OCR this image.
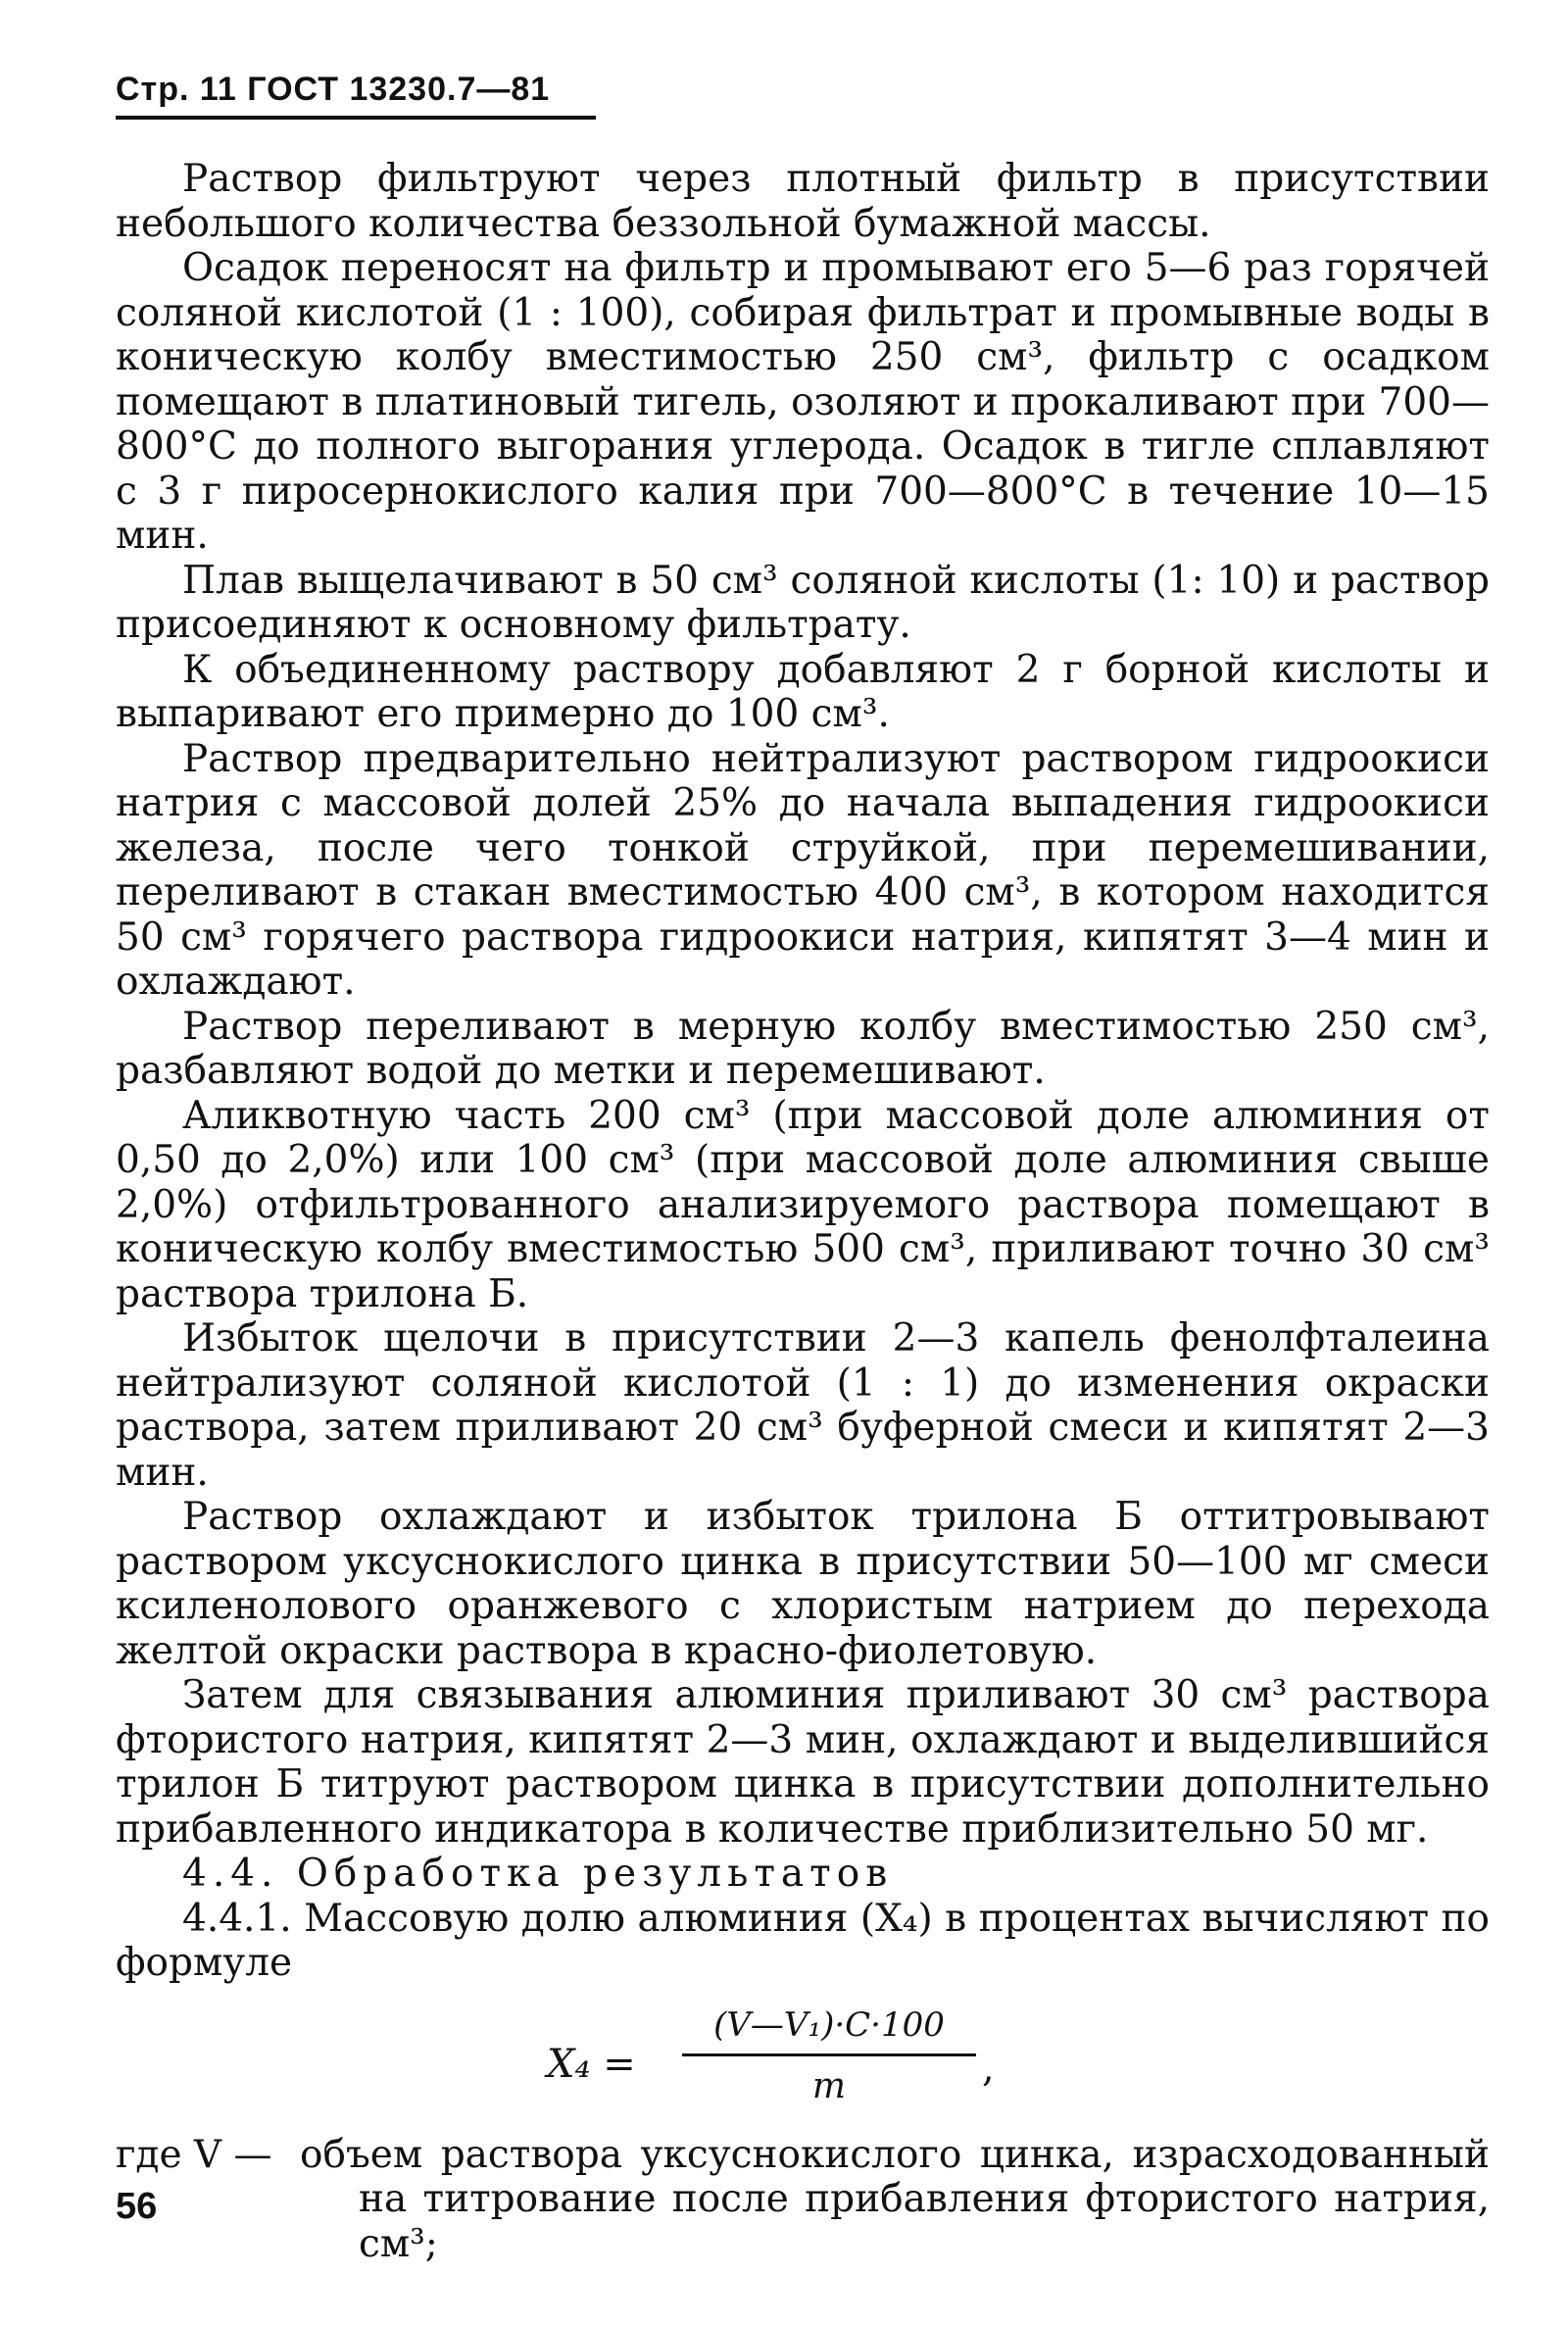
Стр. 11 ГОСТ 13230.7—81

Раствор фильтруют через плотный фильтр в присутствии небольшого количества беззольной бумажной массы.

Осадок переносят на фильтр и промывают его 5—6 раз горячей соляной кислотой (1 : 100), собирая фильтрат и промывные воды в коническую колбу вместимостью 250 см³, фильтр с осадком помещают в платиновый тигель, озоляют и прокаливают при 700—800°С до полного выгорания углерода. Осадок в тигле сплавляют с 3 г пиросернокислого калия при 700—800°С в течение 10—15 мин.

Плав выщелачивают в 50 см³ соляной кислоты (1: 10) и раствор присоединяют к основному фильтрату.

К объединенному раствору добавляют 2 г борной кислоты и выпаривают его примерно до 100 см³.

Раствор предварительно нейтрализуют раствором гидроокиси натрия с массовой долей 25% до начала выпадения гидроокиси железа, после чего тонкой струйкой, при перемешивании, переливают в стакан вместимостью 400 см³, в котором находится 50 см³ горячего раствора гидроокиси натрия, кипятят 3—4 мин и охлаждают.

Раствор переливают в мерную колбу вместимостью 250 см³, разбавляют водой до метки и перемешивают.

Аликвотную часть 200 см³ (при массовой доле алюминия от 0,50 до 2,0%) или 100 см³ (при массовой доле алюминия свыше 2,0%) отфильтрованного анализируемого раствора помещают в коническую колбу вместимостью 500 см³, приливают точно 30 см³ раствора трилона Б.

Избыток щелочи в присутствии 2—3 капель фенолфталеина нейтрализуют соляной кислотой (1 : 1) до изменения окраски раствора, затем приливают 20 см³ буферной смеси и кипятят 2—3 мин.

Раствор охлаждают и избыток трилона Б оттитровывают раствором уксуснокислого цинка в присутствии 50—100 мг смеси ксиленолового оранжевого с хлористым натрием до перехода желтой окраски раствора в красно-фиолетовую.

Затем для связывания алюминия приливают 30 см³ раствора фтористого натрия, кипятят 2—3 мин, охлаждают и выделившийся трилон Б титруют раствором цинка в присутствии дополнительно прибавленного индикатора в количестве приблизительно 50 мг.

4.4. Обработка результатов

4.4.1. Массовую долю алюминия (X₄) в процентах вычисляют по формуле

X₄ =
(V—V₁)·C·100
m	,
где V — объем раствора уксуснокислого цинка, израсходованный на титрование после прибавления фтористого натрия, см³;
56
